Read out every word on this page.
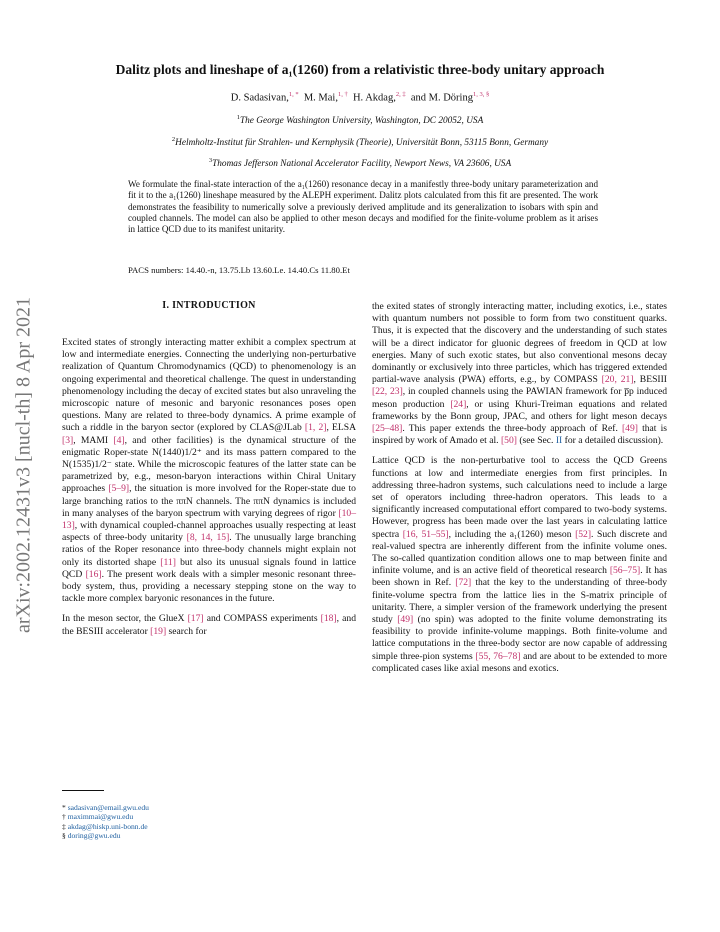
arXiv:2002.12431v3 [nucl-th] 8 Apr 2021
Dalitz plots and lineshape of a₁(1260) from a relativistic three-body unitary approach
D. Sadasivan,$^{1, *}$ M. Mai,$^{1, \dagger}$ H. Akdag,$^{2, \ddagger}$ and M. Döring$^{1, 3, \S}$
$^1$The George Washington University, Washington, DC 20052, USA
$^2$Helmholtz-Institut für Strahlen- und Kernphysik (Theorie), Universität Bonn, 53115 Bonn, Germany
$^3$Thomas Jefferson National Accelerator Facility, Newport News, VA 23606, USA
We formulate the final-state interaction of the a₁(1260) resonance decay in a manifestly three-body unitary parameterization and fit it to the a₁(1260) lineshape measured by the ALEPH experiment. Dalitz plots calculated from this fit are presented. The work demonstrates the feasibility to numerically solve a previously derived amplitude and its generalization to isobars with spin and coupled channels. The model can also be applied to other meson decays and modified for the finite-volume problem as it arises in lattice QCD due to its manifest unitarity.
PACS numbers: 14.40.-n, 13.75.Lb 13.60.Le. 14.40.Cs 11.80.Et
I. INTRODUCTION

Excited states of strongly interacting matter exhibit a complex spectrum at low and intermediate energies. Connecting the underlying non-perturbative realization of Quantum Chromodynamics (QCD) to phenomenology is an ongoing experimental and theoretical challenge. The quest in understanding phenomenology including the decay of excited states but also unraveling the microscopic nature of mesonic and baryonic resonances poses open questions. Many are related to three-body dynamics. A prime example of such a riddle in the baryon sector (explored by CLAS@JLab [1, 2], ELSA [3], MAMI [4], and other facilities) is the dynamical structure of the enigmatic Roper-state N(1440)1/2⁺ and its mass pattern compared to the N(1535)1/2⁻ state. While the microscopic features of the latter state can be parametrized by, e.g., meson-baryon interactions within Chiral Unitary approaches [5–9], the situation is more involved for the Roper-state due to large branching ratios to the ππN channels. The ππN dynamics is included in many analyses of the baryon spectrum with varying degrees of rigor [10–13], with dynamical coupled-channel approaches usually respecting at least aspects of three-body unitarity [8, 14, 15]. The unusually large branching ratios of the Roper resonance into three-body channels might explain not only its distorted shape [11] but also its unusual signals found in lattice QCD [16]. The present work deals with a simpler mesonic resonant three-body system, thus, providing a necessary stepping stone on the way to tackle more complex baryonic resonances in the future.

In the meson sector, the GlueX [17] and COMPASS experiments [18], and the BESIII accelerator [19] search for

the exited states of strongly interacting matter, including exotics, i.e., states with quantum numbers not possible to form from two constituent quarks. Thus, it is expected that the discovery and the understanding of such states will be a direct indicator for gluonic degrees of freedom in QCD at low energies. Many of such exotic states, but also conventional mesons decay dominantly or exclusively into three particles, which has triggered extended partial-wave analysis (PWA) efforts, e.g., by COMPASS [20, 21], BESIII [22, 23], in coupled channels using the PAWIAN framework for p̅p induced meson production [24], or using Khuri-Treiman equations and related frameworks by the Bonn group, JPAC, and others for light meson decays [25–48]. This paper extends the three-body approach of Ref. [49] that is inspired by work of Amado et al. [50] (see Sec. II for a detailed discussion).

Lattice QCD is the non-perturbative tool to access the QCD Greens functions at low and intermediate energies from first principles. In addressing three-hadron systems, such calculations need to include a large set of operators including three-hadron operators. This leads to a significantly increased computational effort compared to two-body systems. However, progress has been made over the last years in calculating lattice spectra [16, 51–55], including the a₁(1260) meson [52]. Such discrete and real-valued spectra are inherently different from the infinite volume ones. The so-called quantization condition allows one to map between finite and infinite volume, and is an active field of theoretical research [56–75]. It has been shown in Ref. [72] that the key to the understanding of three-body finite-volume spectra from the lattice lies in the S-matrix principle of unitarity. There, a simpler version of the framework underlying the present study [49] (no spin) was adopted to the finite volume demonstrating its feasibility to provide infinite-volume mappings. Both finite-volume and lattice computations in the three-body sector are now capable of addressing simple three-pion systems [55, 76–78] and are about to be extended to more complicated cases like axial mesons and exotics.

* sadasivan@email.gwu.edu
† maximmai@gwu.edu
‡ akdag@hiskp.uni-bonn.de
§ doring@gwu.edu
